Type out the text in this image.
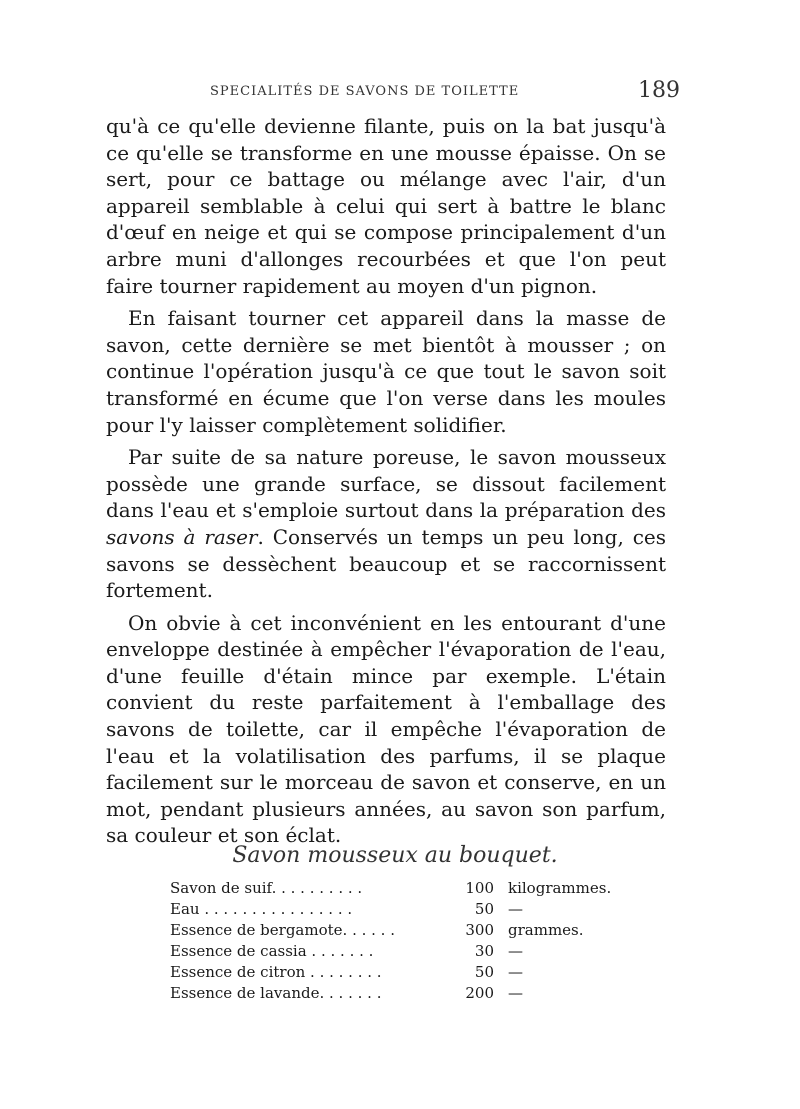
SPECIALITÉS DE SAVONS DE TOILETTE	189

qu'à ce qu'elle devienne filante, puis on la bat jusqu'à ce qu'elle se transforme en une mousse épaisse. On se sert, pour ce battage ou mélange avec l'air, d'un appareil semblable à celui qui sert à battre le blanc d'œuf en neige et qui se compose principalement d'un arbre muni d'allonges recourbées et que l'on peut faire tourner rapidement au moyen d'un pignon.

En faisant tourner cet appareil dans la masse de savon, cette dernière se met bientôt à mousser ; on continue l'opération jusqu'à ce que tout le savon soit transformé en écume que l'on verse dans les moules pour l'y laisser complètement solidifier.

Par suite de sa nature poreuse, le savon mousseux possède une grande surface, se dissout facilement dans l'eau et s'emploie surtout dans la préparation des savons à raser. Conservés un temps un peu long, ces savons se dessèchent beaucoup et se raccornissent fortement.

On obvie à cet inconvénient en les entourant d'une enveloppe destinée à empêcher l'évaporation de l'eau, d'une feuille d'étain mince par exemple. L'étain convient du reste parfaitement à l'emballage des savons de toilette, car il empêche l'évaporation de l'eau et la volatilisation des parfums, il se plaque facilement sur le morceau de savon et conserve, en un mot, pendant plusieurs années, au savon son parfum, sa couleur et son éclat.

Savon mousseux au bouquet.
Savon de suif. . . . . . . . . .	100	kilogrammes.
Eau . . . . . . . . . . . . . . . .	50	—
Essence de bergamote. . . . . .	300	grammes.
Essence de cassia . . . . . . .	30	—
Essence de citron . . . . . . . .	50	—
Essence de lavande. . . . . . .	200	—
